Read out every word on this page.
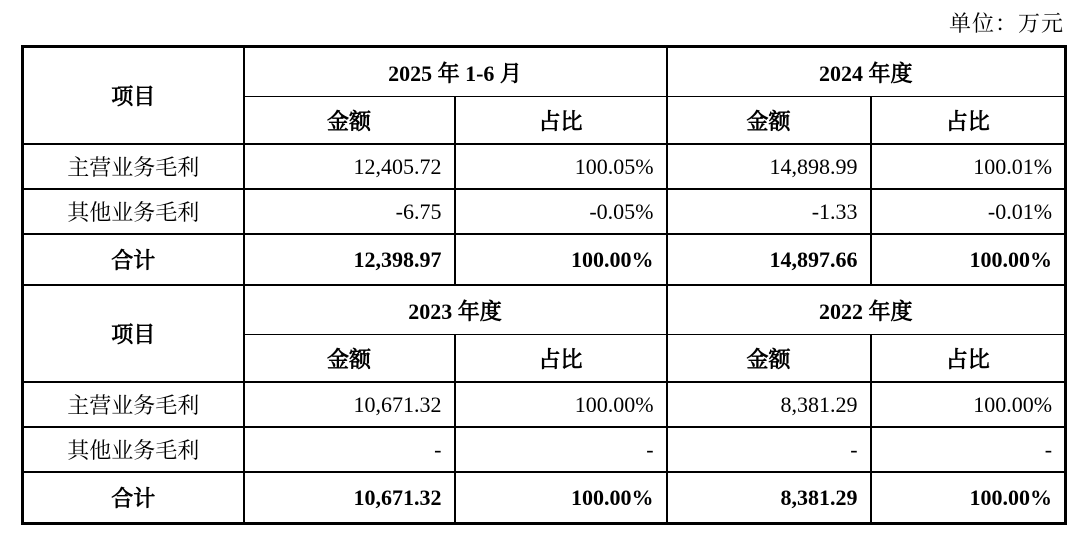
单位：万元
项目	2025 年 1-6 月		2024 年度	
	金额	占比	金额	占比
主营业务毛利	12,405.72	100.05%	14,898.99	100.01%
其他业务毛利	-6.75	-0.05%	-1.33	-0.01%
合计	12,398.97	100.00%	14,897.66	100.00%
项目	2023 年度		2022 年度	
	金额	占比	金额	占比
主营业务毛利	10,671.32	100.00%	8,381.29	100.00%
其他业务毛利	-	-	-	-
合计	10,671.32	100.00%	8,381.29	100.00%
